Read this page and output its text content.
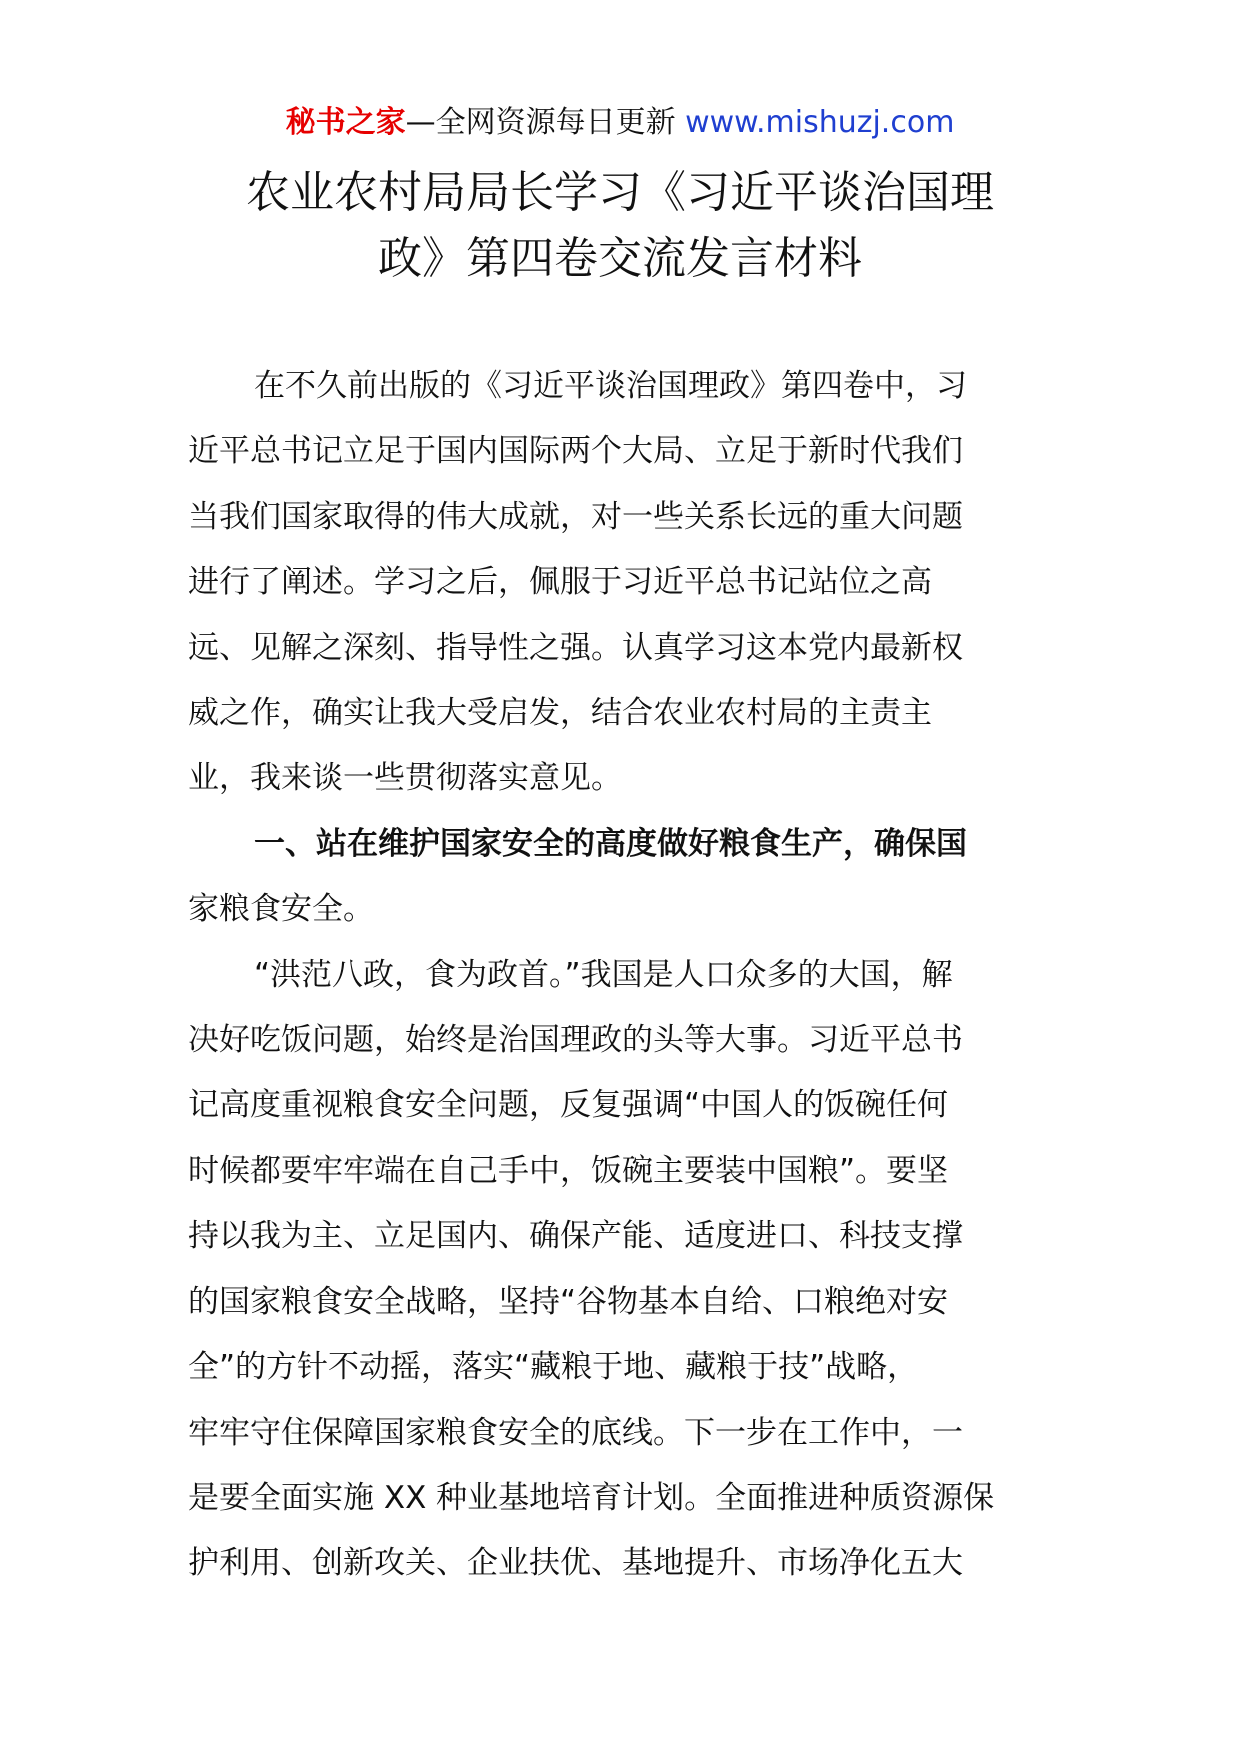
秘书之家—全网资源每日更新 www.mishuzj.com
农业农村局局长学习《习近平谈治国理
政》第四卷交流发言材料

在不久前出版的《习近平谈治国理政》第四卷中，习
近平总书记立足于国内国际两个大局、立足于新时代我们
当我们国家取得的伟大成就，对一些关系长远的重大问题
进行了阐述。学习之后，佩服于习近平总书记站位之高
远、见解之深刻、指导性之强。认真学习这本党内最新权
威之作，确实让我大受启发，结合农业农村局的主责主
业，我来谈一些贯彻落实意见。

一、站在维护国家安全的高度做好粮食生产，确保国
家粮食安全。

“洪范八政，食为政首。”我国是人口众多的大国，解
决好吃饭问题，始终是治国理政的头等大事。习近平总书
记高度重视粮食安全问题，反复强调“中国人的饭碗任何
时候都要牢牢端在自己手中，饭碗主要装中国粮”。要坚
持以我为主、立足国内、确保产能、适度进口、科技支撑
的国家粮食安全战略，坚持“谷物基本自给、口粮绝对安
全”的方针不动摇，落实“藏粮于地、藏粮于技”战略，
牢牢守住保障国家粮食安全的底线。下一步在工作中，一
是要全面实施 XX 种业基地培育计划。全面推进种质资源保
护利用、创新攻关、企业扶优、基地提升、市场净化五大
